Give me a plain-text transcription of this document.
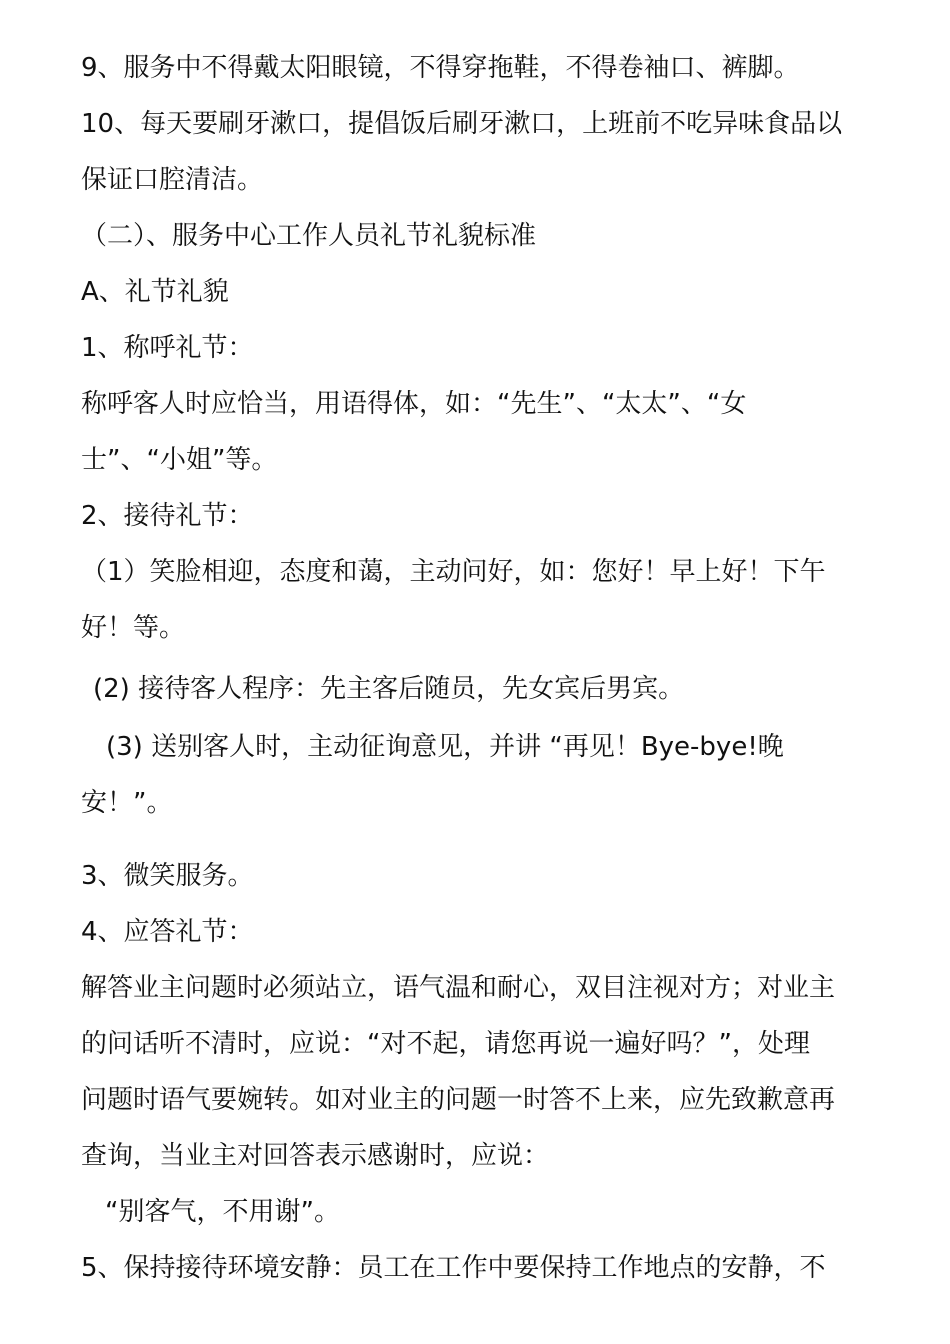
9、服务中不得戴太阳眼镜，不得穿拖鞋，不得卷袖口、裤脚。
10、每天要刷牙漱口，提倡饭后刷牙漱口，上班前不吃异味食品以
保证口腔清洁。
（二）、服务中心工作人员礼节礼貌标准
A、礼节礼貌
1、称呼礼节：
称呼客人时应恰当，用语得体，如：“先生”、“太太”、“女
士”、“小姐”等。
2、接待礼节：
（1）笑脸相迎，态度和蔼，主动问好，如：您好！早上好！下午
好！等。
(2) 接待客人程序：先主客后随员，先女宾后男宾。
(3) 送别客人时，主动征询意见，并讲 “再见！Bye-bye!晚
安！”。
3、微笑服务。
4、应答礼节：
解答业主问题时必须站立，语气温和耐心，双目注视对方；对业主
的问话听不清时，应说：“对不起，请您再说一遍好吗？”，处理
问题时语气要婉转。如对业主的问题一时答不上来，应先致歉意再
查询，当业主对回答表示感谢时，应说：
“别客气，不用谢”。
5、保持接待环境安静：员工在工作中要保持工作地点的安静，不
